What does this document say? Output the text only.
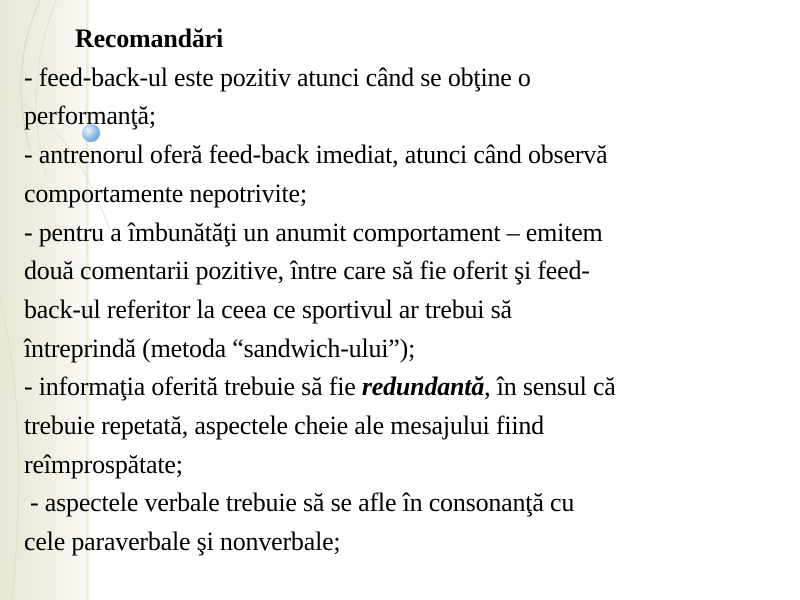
Recomandări
- feed-back-ul este pozitiv atunci când se obţine o
performanţă;
- antrenorul oferă feed-back imediat, atunci când observă
comportamente nepotrivite;
- pentru a îmbunătăţi un anumit comportament – emitem
două comentarii pozitive, între care să fie oferit şi feed-
back-ul referitor la ceea ce sportivul ar trebui să
întreprindă (metoda “sandwich-ului”);
- informaţia oferită trebuie să fie redundantă, în sensul că
trebuie repetată, aspectele cheie ale mesajului fiind
reîmprospătate;
- aspectele verbale trebuie să se afle în consonanţă cu
cele paraverbale şi nonverbale;
